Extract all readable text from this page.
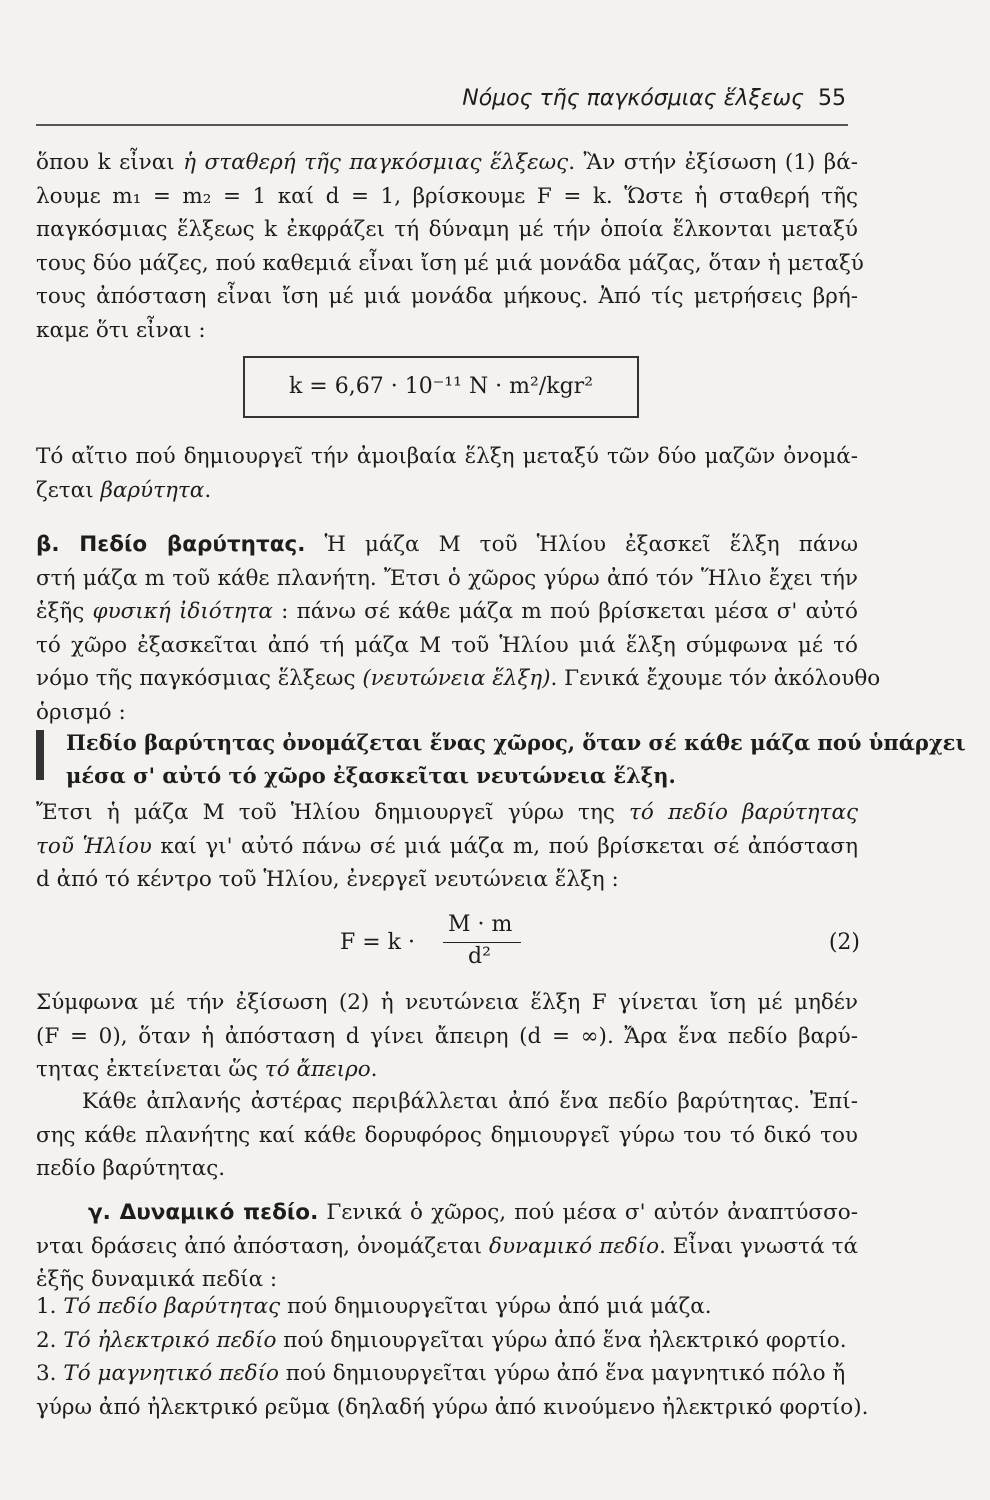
Νόμος τῆς παγκόσμιας ἕλξεως 55
ὅπου k εἶναι ἡ σταθερή τῆς παγκόσμιας ἕλξεως. Ἂν στήν ἐξίσωση (1) βά-
λουμε m₁ = m₂ = 1 καί d = 1, βρίσκουμε F = k. Ὥστε ἡ σταθερή τῆς
παγκόσμιας ἕλξεως k ἐκφράζει τή δύναμη μέ τήν ὁποία ἕλκονται μεταξύ
τους δύο μάζες, πού καθεμιά εἶναι ἴση μέ μιά μονάδα μάζας, ὅταν ἡ μεταξύ
τους ἀπόσταση εἶναι ἴση μέ μιά μονάδα μήκους. Ἀπό τίς μετρήσεις βρή-
καμε ὅτι εἶναι :
k = 6,67 · 10⁻¹¹ N · m²/kgr²
Τό αἴτιο πού δημιουργεῖ τήν ἀμοιβαία ἕλξη μεταξύ τῶν δύο μαζῶν ὀνομά-
ζεται βαρύτητα.
β. Πεδίο βαρύτητας. Ἡ μάζα M τοῦ Ἡλίου ἐξασκεῖ ἕλξη πάνω
στή μάζα m τοῦ κάθε πλανήτη. Ἔτσι ὁ χῶρος γύρω ἀπό τόν Ἥλιο ἔχει τήν
ἑξῆς φυσική ἰδιότητα : πάνω σέ κάθε μάζα m πού βρίσκεται μέσα σ' αὐτό
τό χῶρο ἐξασκεῖται ἀπό τή μάζα M τοῦ Ἡλίου μιά ἕλξη σύμφωνα μέ τό
νόμο τῆς παγκόσμιας ἕλξεως (νευτώνεια ἕλξη). Γενικά ἔχουμε τόν ἀκόλουθο
ὁρισμό :
Πεδίο βαρύτητας ὀνομάζεται ἕνας χῶρος, ὅταν σέ κάθε μάζα πού ὑπάρχει
μέσα σ' αὐτό τό χῶρο ἐξασκεῖται νευτώνεια ἕλξη.
Ἔτσι ἡ μάζα M τοῦ Ἡλίου δημιουργεῖ γύρω της τό πεδίο βαρύτητας
τοῦ Ἡλίου καί γι' αὐτό πάνω σέ μιά μάζα m, πού βρίσκεται σέ ἀπόσταση
d ἀπό τό κέντρο τοῦ Ἡλίου, ἐνεργεῖ νευτώνεια ἕλξη :
F = k ·
M · m
d²
(2)
Σύμφωνα μέ τήν ἐξίσωση (2) ἡ νευτώνεια ἕλξη F γίνεται ἴση μέ μηδέν
(F = 0), ὅταν ἡ ἀπόσταση d γίνει ἄπειρη (d = ∞). Ἄρα ἕνα πεδίο βαρύ-
τητας ἐκτείνεται ὥς τό ἄπειρο.
Κάθε ἀπλανής ἀστέρας περιβάλλεται ἀπό ἕνα πεδίο βαρύτητας. Ἐπί-
σης κάθε πλανήτης καί κάθε δορυφόρος δημιουργεῖ γύρω του τό δικό του
πεδίο βαρύτητας.
γ. Δυναμικό πεδίο. Γενικά ὁ χῶρος, πού μέσα σ' αὐτόν ἀναπτύσσο-
νται δράσεις ἀπό ἀπόσταση, ὀνομάζεται δυναμικό πεδίο. Εἶναι γνωστά τά
ἑξῆς δυναμικά πεδία :
1. Τό πεδίο βαρύτητας πού δημιουργεῖται γύρω ἀπό μιά μάζα.
2. Τό ἠλεκτρικό πεδίο πού δημιουργεῖται γύρω ἀπό ἕνα ἠλεκτρικό φορτίο.
3. Τό μαγνητικό πεδίο πού δημιουργεῖται γύρω ἀπό ἕνα μαγνητικό πόλο ἤ
γύρω ἀπό ἠλεκτρικό ρεῦμα (δηλαδή γύρω ἀπό κινούμενο ἠλεκτρικό φορτίο).
